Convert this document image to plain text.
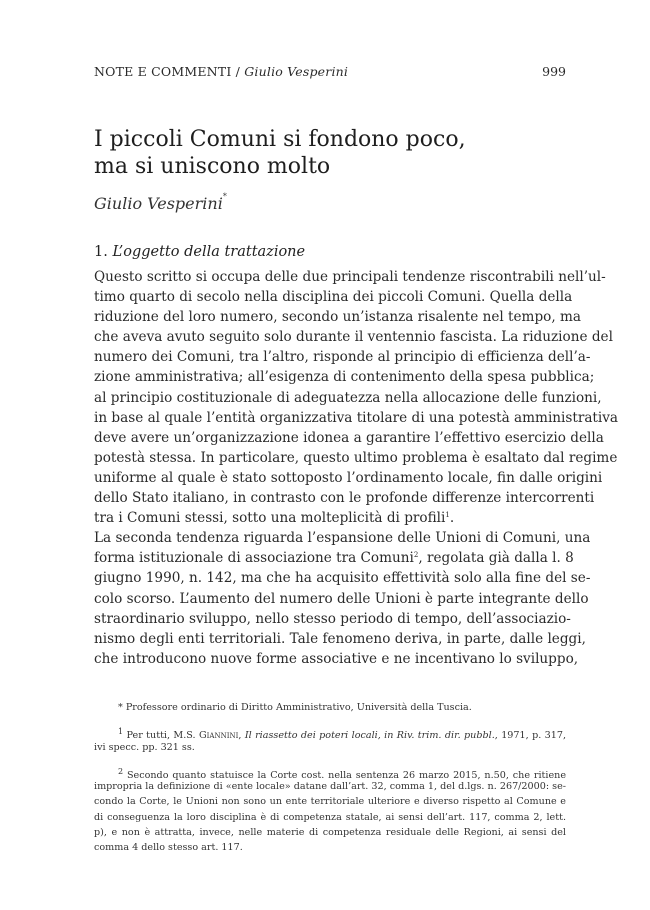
NOTE E COMMENTI / Giulio Vesperini	999
I piccoli Comuni si fondono poco,
ma si uniscono molto
Giulio Vesperini*
1. L’oggetto della trattazione
Questo scritto si occupa delle due principali tendenze riscontrabili nell’ul-
timo quarto di secolo nella disciplina dei piccoli Comuni. Quella della
riduzione del loro numero, secondo un’istanza risalente nel tempo, ma
che aveva avuto seguito solo durante il ventennio fascista. La riduzione del
numero dei Comuni, tra l’altro, risponde al principio di efficienza dell’a-
zione amministrativa; all’esigenza di contenimento della spesa pubblica;
al principio costituzionale di adeguatezza nella allocazione delle funzioni,
in base al quale l’entità organizzativa titolare di una potestà amministrativa
deve avere un’organizzazione idonea a garantire l’effettivo esercizio della
potestà stessa. In particolare, questo ultimo problema è esaltato dal regime
uniforme al quale è stato sottoposto l’ordinamento locale, fin dalle origini
dello Stato italiano, in contrasto con le profonde differenze intercorrenti
tra i Comuni stessi, sotto una molteplicità di profili$^1$.
La seconda tendenza riguarda l’espansione delle Unioni di Comuni, una
forma istituzionale di associazione tra Comuni$^2$, regolata già dalla l. 8
giugno 1990, n. 142, ma che ha acquisito effettività solo alla fine del se-
colo scorso. L’aumento del numero delle Unioni è parte integrante dello
straordinario sviluppo, nello stesso periodo di tempo, dell’associazio-
nismo degli enti territoriali. Tale fenomeno deriva, in parte, dalle leggi,
che introducono nuove forme associative e ne incentivano lo sviluppo,
* Professore ordinario di Diritto Amministrativo, Università della Tuscia.
$^1$ Per tutti, M.S. Giannini, Il riassetto dei poteri locali, in Riv. trim. dir. pubbl., 1971, p. 317,
ivi specc. pp. 321 ss.
$^2$ Secondo quanto statuisce la Corte cost. nella sentenza 26 marzo 2015, n.50, che ritiene
impropria la definizione di «ente locale» datane dall’art. 32, comma 1, del d.lgs. n. 267/2000: se-
condo la Corte, le Unioni non sono un ente territoriale ulteriore e diverso rispetto al Comune e
di conseguenza la loro disciplina è di competenza statale, ai sensi dell’art. 117, comma 2, lett.
p), e non è attratta, invece, nelle materie di competenza residuale delle Regioni, ai sensi del
comma 4 dello stesso art. 117.
